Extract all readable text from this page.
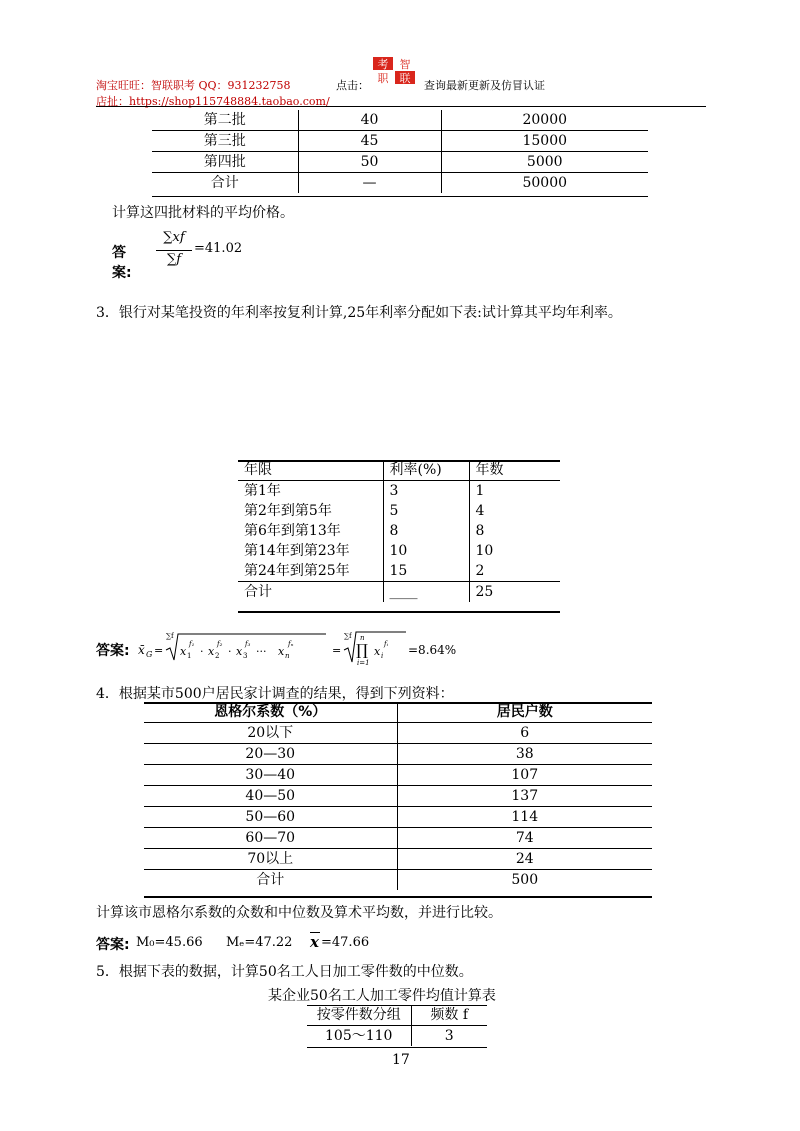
淘宝旺旺：智联职考 QQ：931232758	点击：
考 智
职 联
查询最新更新及仿冒认证
店扯：https://shop115748884.taobao.com/
第二批	40	20000
第三批	45	15000
第四批	50	5000
合计	—	50000
计算这四批材料的平均价格。
答案:
∑xf
∑f
=41.02
3．银行对某笔投资的年利率按复利计算,25年利率分配如下表:试计算其平均年利率。
年限	利率(%)	年数
第1年	3	1
第2年到第5年	5	4
第6年到第13年	8	8
第14年到第23年	10	10
第24年到第25年	15	2
合计	____	25
答案: x̄ G =
∑f
x 1
f₁
· x 2
f₂
· x 3
f₃
··· x n
fₙ	=
∑f n
∏
i=1
x i
fᵢ =8.64%
4．根据某市500户居民家计调查的结果，得到下列资料：
恩格尔系数（%）	居民户数
20以下	6
20—30	38
30—40	107
40—50	137
50—60	114
60—70	74
70以上	24
合计	500
计算该市恩格尔系数的众数和中位数及算术平均数，并进行比较。
答案: M₀=45.66 Mₑ=47.22 x =47.66
5．根据下表的数据，计算50名工人日加工零件数的中位数。
某企业50名工人加工零件均值计算表
按零件数分组	频数 f
105～110	3
17
